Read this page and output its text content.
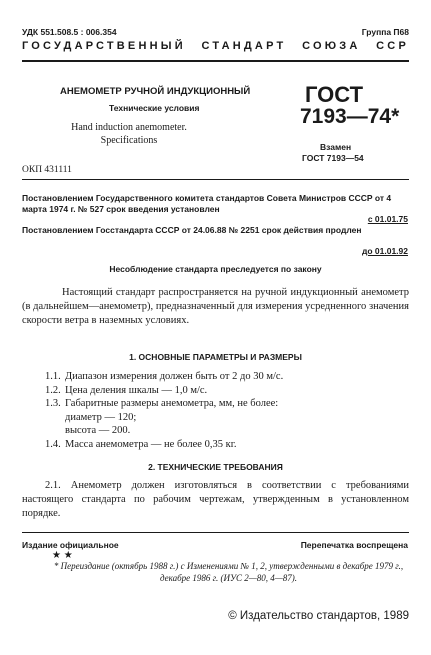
УДК 551.508.5 : 006.354	Группа П68
ГОСУДАРСТВЕННЫЙ СТАНДАРТ СОЮЗА ССР
АНЕМОМЕТР РУЧНОЙ ИНДУКЦИОННЫЙ
Технические условия
Hand induction anemometer.
Specifications
ГОСТ
7193—74*
Взамен
ГОСТ 7193—54
ОКП 431111
Постановлением Государственного комитета стандартов Совета Министров СССР от 4 марта 1974 г. № 527 срок введения установлен
с 01.01.75
Постановлением Госстандарта СССР от 24.06.88 № 2251 срок действия продлен
до 01.01.92
Несоблюдение стандарта преследуется по закону
Настоящий стандарт распространяется на ручной индукционный анемометр (в дальнейшем—анемометр), предназначенный для измерения усредненного значения скорости ветра в наземных условиях.
1. ОСНОВНЫЕ ПАРАМЕТРЫ И РАЗМЕРЫ
1.1. Диапазон измерения должен быть от 2 до 30 м/с.
1.2. Цена деления шкалы — 1,0 м/с.
1.3. Габаритные размеры анемометра, мм, не более:
диаметр — 120;
высота — 200.
1.4. Масса анемометра — не более 0,35 кг.
2. ТЕХНИЧЕСКИЕ ТРЕБОВАНИЯ
2.1. Анемометр должен изготовляться в соответствии с требованиями настоящего стандарта по рабочим чертежам, утвержденным в установленном порядке.
Издание официальное	Перепечатка воспрещена
★ ★
* Переиздание (октябрь 1988 г.) с Изменениями № 1, 2, утвержденными в декабре 1979 г., декабре 1986 г. (ИУС 2—80, 4—87).
© Издательство стандартов, 1989
